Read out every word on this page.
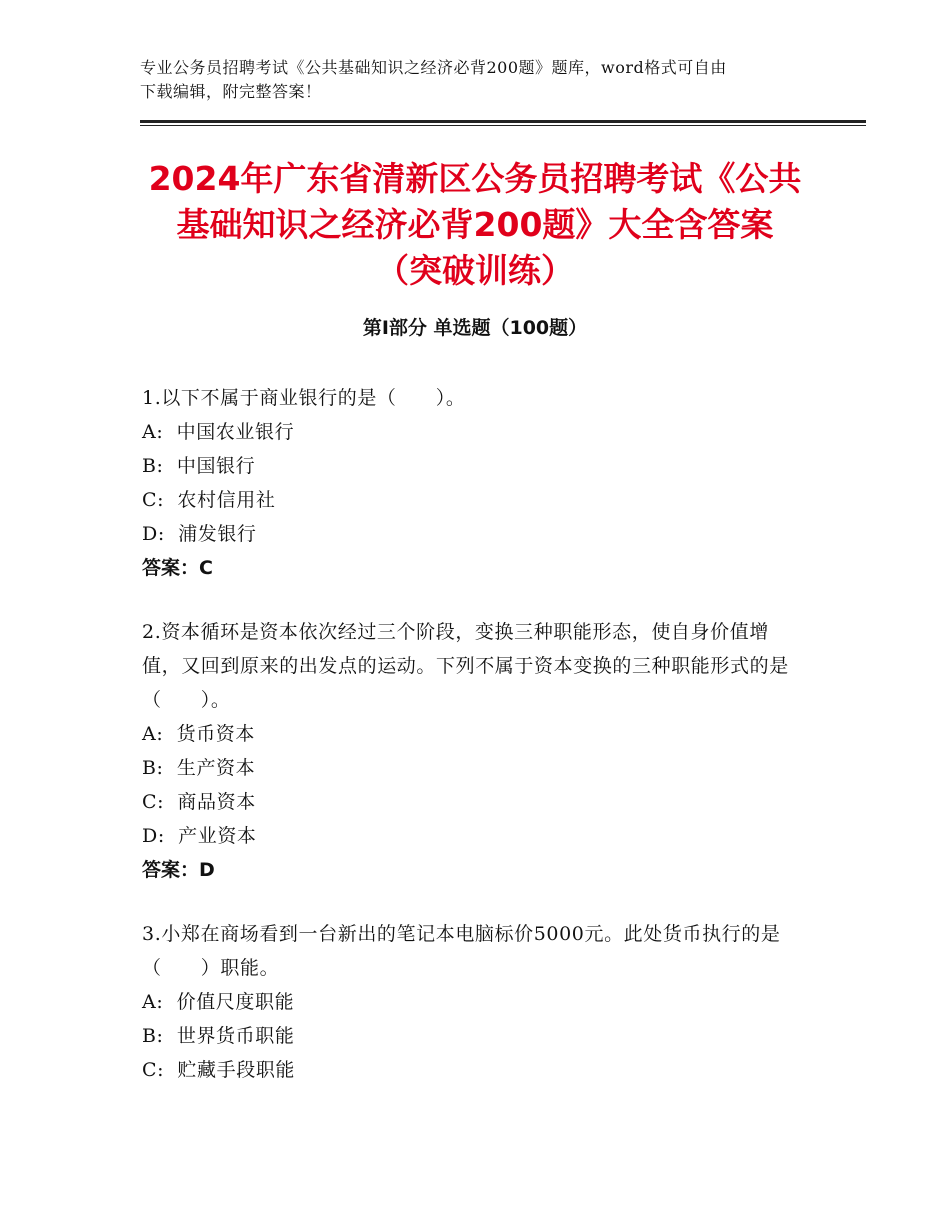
专业公务员招聘考试《公共基础知识之经济必背200题》题库，word格式可自由
下载编辑，附完整答案！
2024年广东省清新区公务员招聘考试《公共
基础知识之经济必背200题》大全含答案
（突破训练）
第Ⅰ部分 单选题（100题）

1.以下不属于商业银行的是（　　）。

A:  中国农业银行

B:  中国银行

C:  农村信用社

D:  浦发银行

答案：C

2.资本循环是资本依次经过三个阶段，变换三种职能形态，使自身价值增值，又回到原来的出发点的运动。下列不属于资本变换的三种职能形式的是（　　）。

A:  货币资本

B:  生产资本

C:  商品资本

D:  产业资本

答案：D

3.小郑在商场看到一台新出的笔记本电脑标价5000元。此处货币执行的是（　　）职能。

A:  价值尺度职能

B:  世界货币职能

C:  贮藏手段职能
